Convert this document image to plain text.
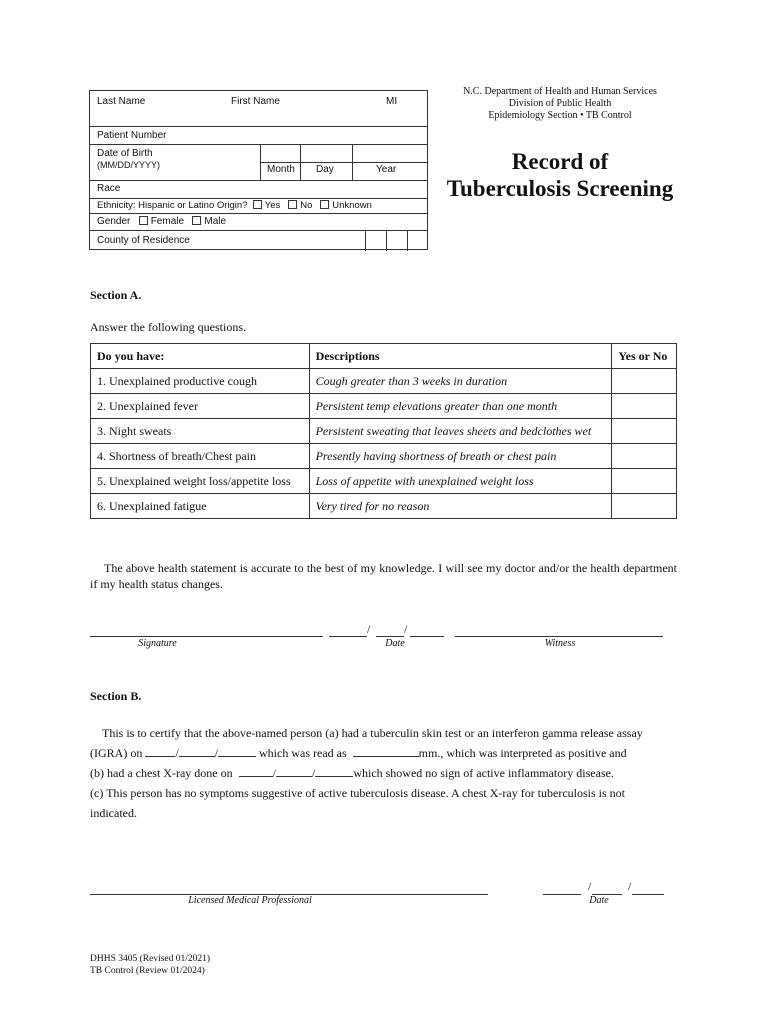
Last Name	First Name	MI
Patient Number
Date of Birth
(MM/DD/YYYY)	Month Day	Year
Race
Ethnicity: Hispanic or Latino Origin? Yes No Unknown
Gender Female Male
County of Residence
N.C. Department of Health and Human Services
Division of Public Health
Epidemiology Section • TB Control
Record of
Tuberculosis Screening
Section A.
Answer the following questions.
Do you have:	Descriptions	Yes or No
1. Unexplained productive cough	Cough greater than 3 weeks in duration	
2. Unexplained fever	Persistent temp elevations greater than one month	
3. Night sweats	Persistent sweating that leaves sheets and bedclothes wet	
4. Shortness of breath/Chest pain	Presently having shortness of breath or chest pain	
5. Unexplained weight loss/appetite loss	Loss of appetite with unexplained weight loss	
6. Unexplained fatigue	Very tired for no reason	
The above health statement is accurate to the best of my knowledge. I will see my doctor and/or the health department if my health status changes.
Signature
/	/
Date	Witness
Section B.
This is to certify that the above-named person (a) had a tuberculin skin test or an interferon gamma release assay
(IGRA) on	/	/	which was read as	mm., which was interpreted as positive and
(b) had a chest X-ray done on	/	/	which showed no sign of active inflammatory disease.
(c) This person has no symptoms suggestive of active tuberculosis disease. A chest X-ray for tuberculosis is not
indicated.
Licensed Medical Professional
/	/
Date
DHHS 3405 (Revised 01/2021)
TB Control (Review 01/2024)
